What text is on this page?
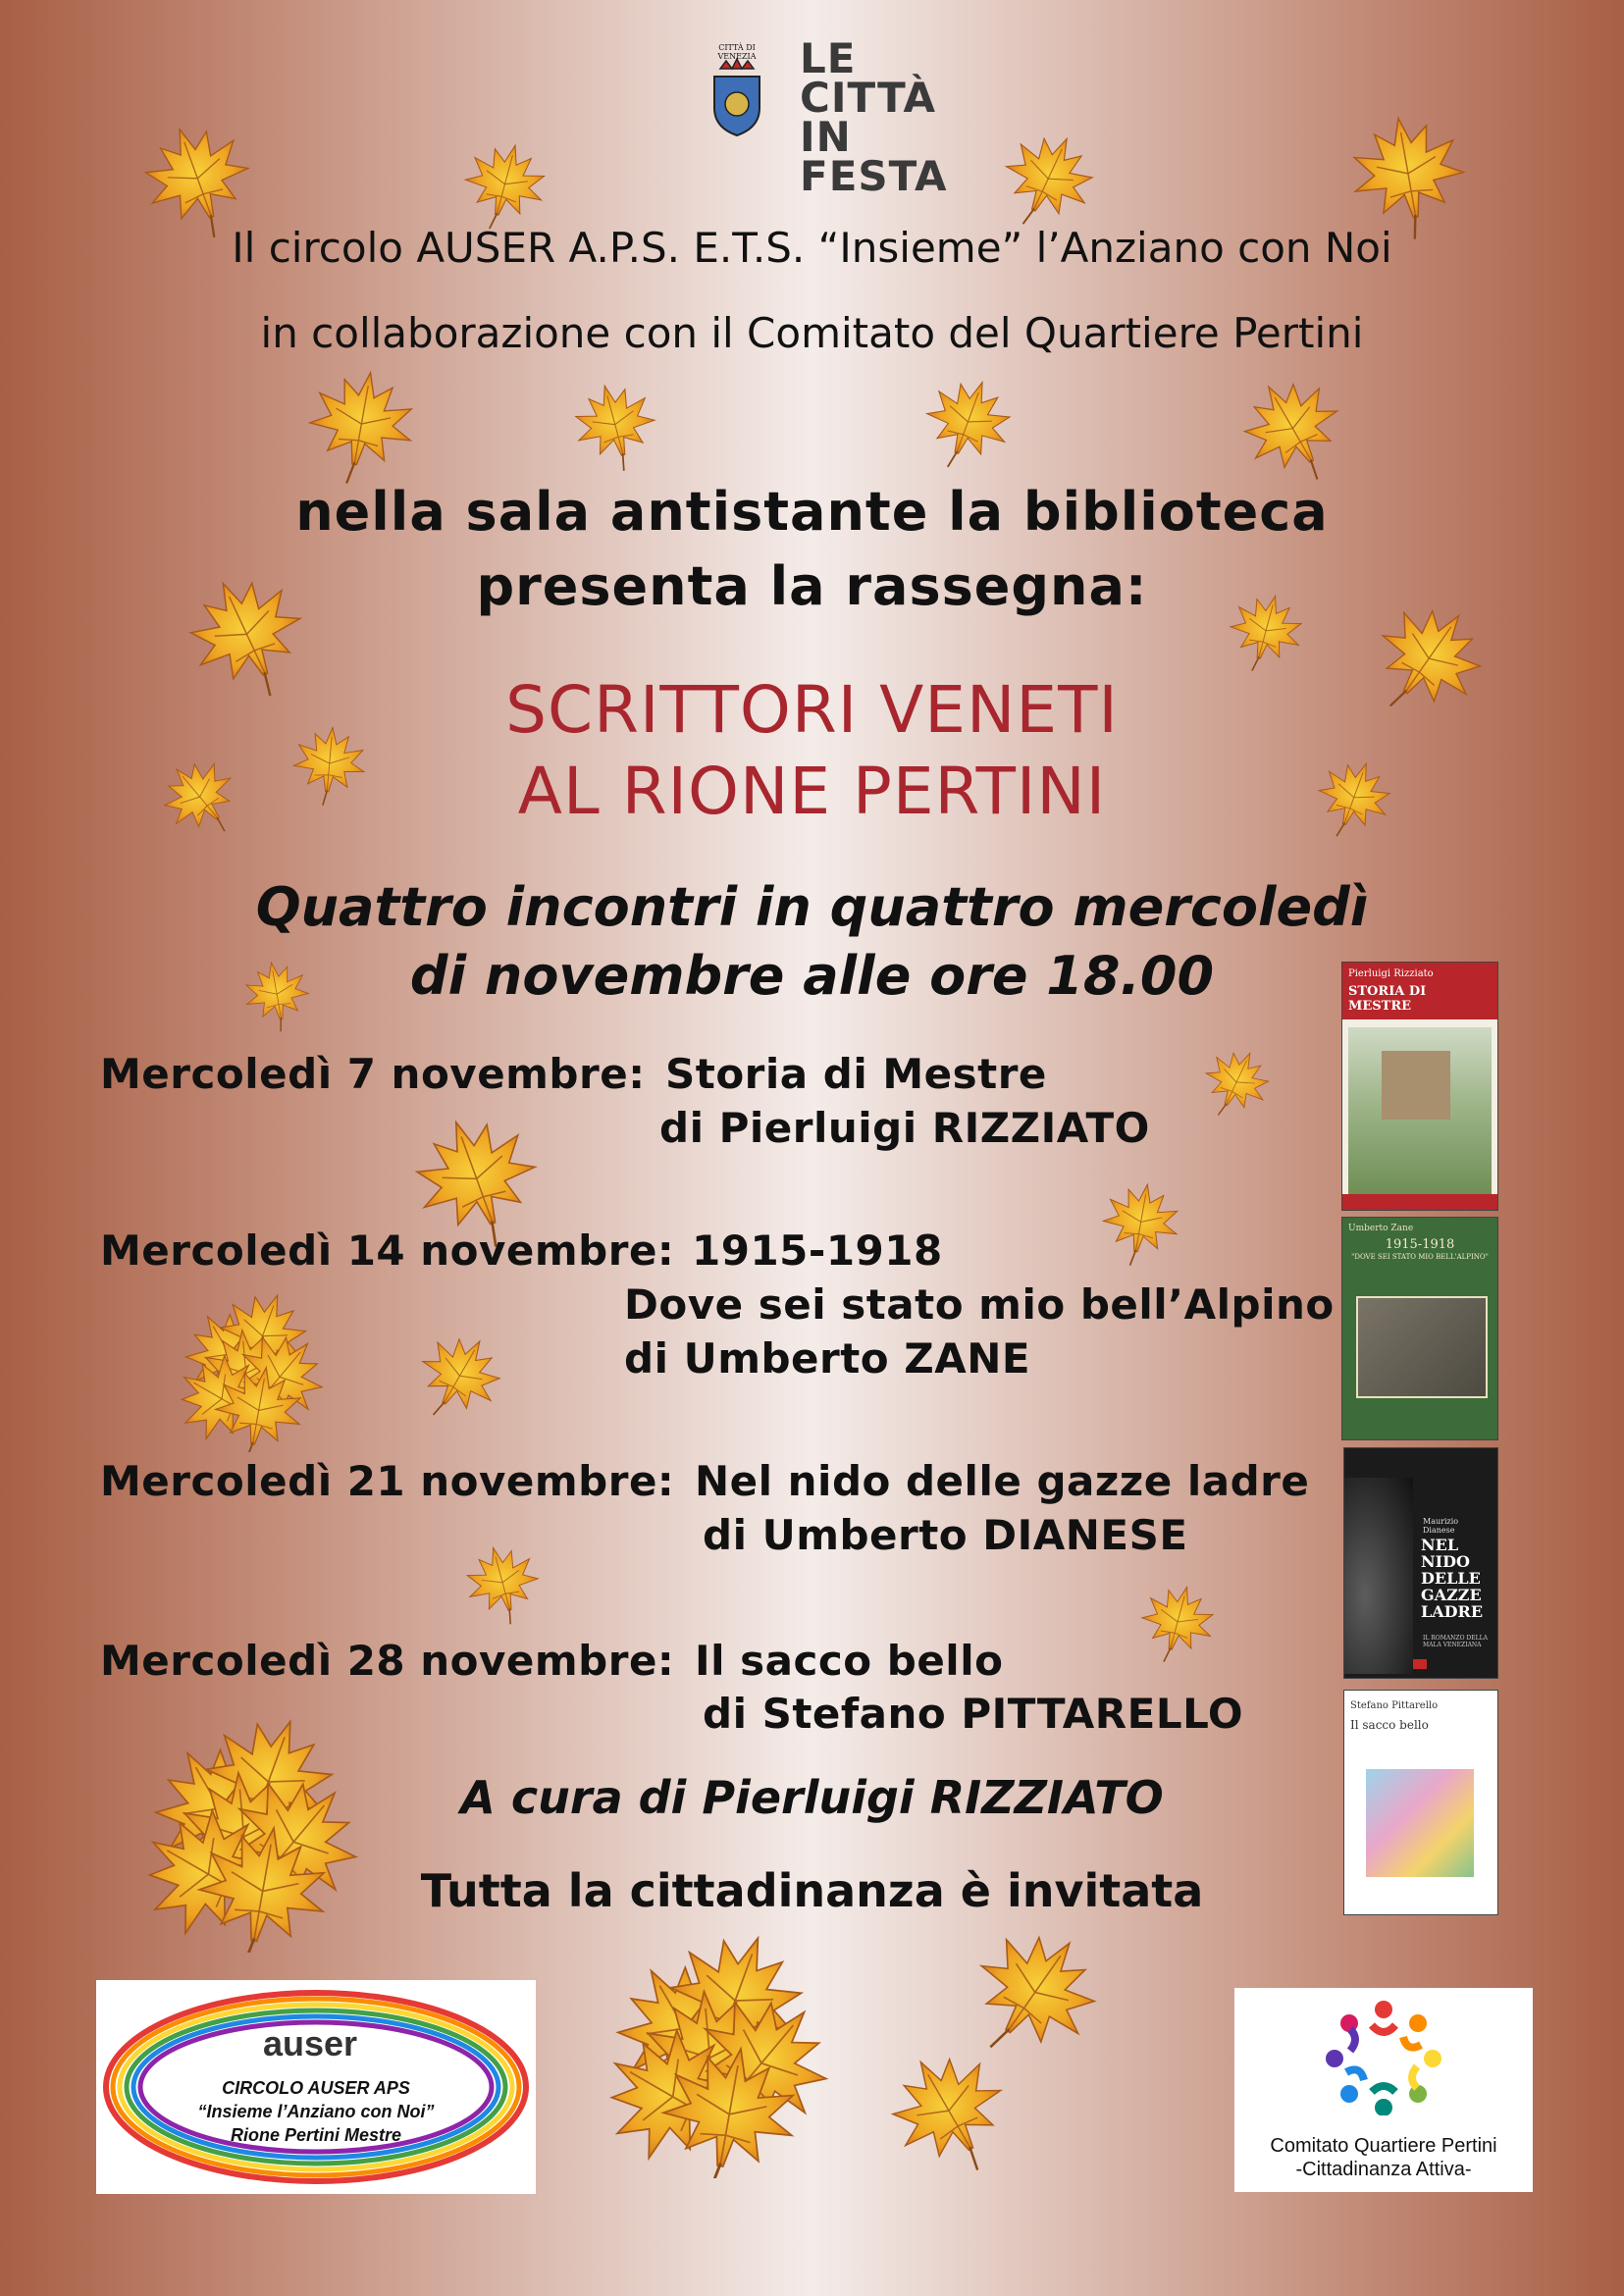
CITTÀ DI
VENEZIA LE
CITTÀ
IN
FESTA
Il circolo AUSER A.P.S. E.T.S. “Insieme” l’Anziano con Noi
in collaborazione con il Comitato del Quartiere Pertini
nella sala antistante la biblioteca
presenta la rassegna:
SCRITTORI VENETI
AL RIONE PERTINI
Quattro incontri in quattro mercoledì
di novembre alle ore 18.00
Mercoledì 7 novembre: Storia di Mestre
di Pierluigi RIZZIATO
Mercoledì 14 novembre: 1915-1918
Dove sei stato mio bell’Alpino
di Umberto ZANE
Mercoledì 21 novembre: Nel nido delle gazze ladre
di Umberto DIANESE
Mercoledì 28 novembre: Il sacco bello
di Stefano PITTARELLO
A cura di Pierluigi RIZZIATO
Tutta la cittadinanza è invitata
Pierluigi Rizziato
STORIA DI MESTRE
Umberto Zane
1915-1918
"DOVE SEI STATO MIO BELL'ALPINO"
Maurizio Dianese
NEL NIDO DELLE GAZZE LADRE
IL ROMANZO DELLA MALA VENEZIANA
Stefano Pittarello
Il sacco bello
auser
CIRCOLO AUSER APS
“Insieme l’Anziano con Noi”
Rione Pertini Mestre	Comitato Quartiere Pertini
-Cittadinanza Attiva-
